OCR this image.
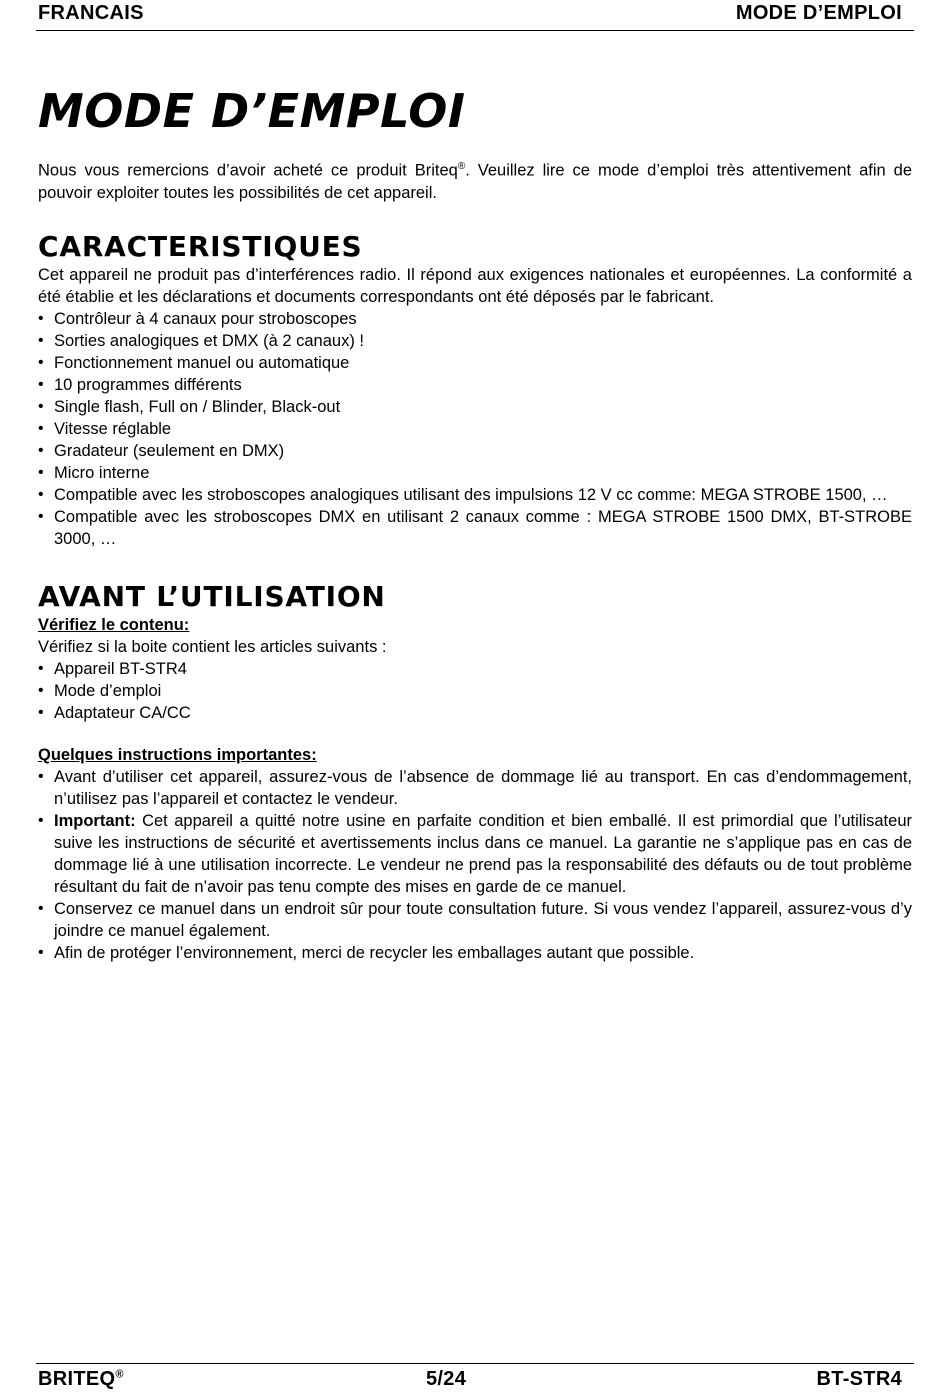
FRANCAIS	MODE D’EMPLOI
MODE D’EMPLOI

Nous vous remercions d’avoir acheté ce produit Briteq®. Veuillez lire ce mode d’emploi très attentivement afin de pouvoir exploiter toutes les possibilités de cet appareil.

CARACTERISTIQUES

Cet appareil ne produit pas d’interférences radio. Il répond aux exigences nationales et européennes. La conformité a été établie et les déclarations et documents correspondants ont été déposés par le fabricant.

• Contrôleur à 4 canaux pour stroboscopes
• Sorties analogiques et DMX (à 2 canaux) !
• Fonctionnement manuel ou automatique
• 10 programmes différents
• Single flash, Full on / Blinder, Black-out
• Vitesse réglable
• Gradateur (seulement en DMX)
• Micro interne
• Compatible avec les stroboscopes analogiques utilisant des impulsions 12 V cc comme: MEGA STROBE 1500, …
• Compatible avec les stroboscopes DMX en utilisant 2 canaux comme : MEGA STROBE 1500 DMX, BT-STROBE 3000, …
AVANT L’UTILISATION

Vérifiez le contenu:

Vérifiez si la boite contient les articles suivants :

• Appareil BT-STR4
• Mode d’emploi
• Adaptateur CA/CC

Quelques instructions importantes:

• Avant d’utiliser cet appareil, assurez-vous de l’absence de dommage lié au transport. En cas d’endommagement, n’utilisez pas l’appareil et contactez le vendeur.
• Important: Cet appareil a quitté notre usine en parfaite condition et bien emballé. Il est primordial que l’utilisateur suive les instructions de sécurité et avertissements inclus dans ce manuel. La garantie ne s’applique pas en cas de dommage lié à une utilisation incorrecte. Le vendeur ne prend pas la responsabilité des défauts ou de tout problème résultant du fait de n’avoir pas tenu compte des mises en garde de ce manuel.
• Conservez ce manuel dans un endroit sûr pour toute consultation future. Si vous vendez l’appareil, assurez-vous d’y joindre ce manuel également.
• Afin de protéger l’environnement, merci de recycler les emballages autant que possible.
BRITEQ®	5/24	BT-STR4
